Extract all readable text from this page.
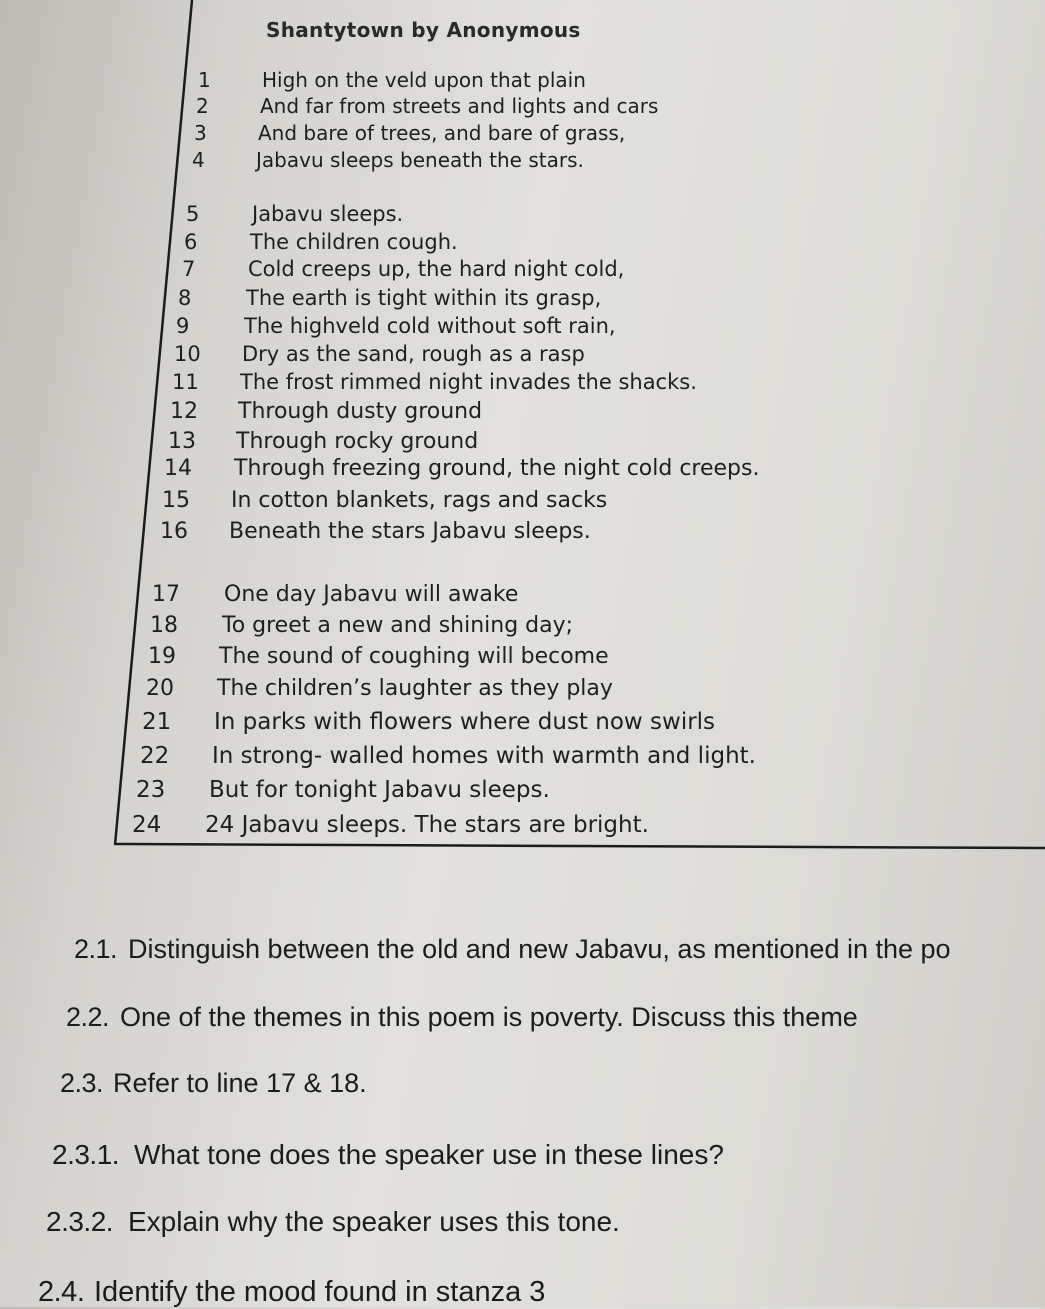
Shantytown by Anonymous
1	High on the veld upon that plain
2	And far from streets and lights and cars
3	And bare of trees, and bare of grass,
4	Jabavu sleeps beneath the stars.
5	Jabavu sleeps.
6	The children cough.
7	Cold creeps up, the hard night cold,
8	The earth is tight within its grasp,
9	The highveld cold without soft rain,
10 Dry as the sand, rough as a rasp
11 The frost rimmed night invades the shacks.
12 Through dusty ground
13 Through rocky ground
14 Through freezing ground, the night cold creeps.
15 In cotton blankets, rags and sacks
16 Beneath the stars Jabavu sleeps.
17 One day Jabavu will awake
18 To greet a new and shining day;
19 The sound of coughing will become
20 The children’s laughter as they play
21 In parks with flowers where dust now swirls
22 In strong- walled homes with warmth and light.
23 But for tonight Jabavu sleeps.
24 24 Jabavu sleeps. The stars are bright.
2.1. Distinguish between the old and new Jabavu, as mentioned in the po
2.2. One of the themes in this poem is poverty. Discuss this theme
2.3. Refer to line 17 & 18.
2.3.1. What tone does the speaker use in these lines?
2.3.2. Explain why the speaker uses this tone.
2.4. Identify the mood found in stanza 3
